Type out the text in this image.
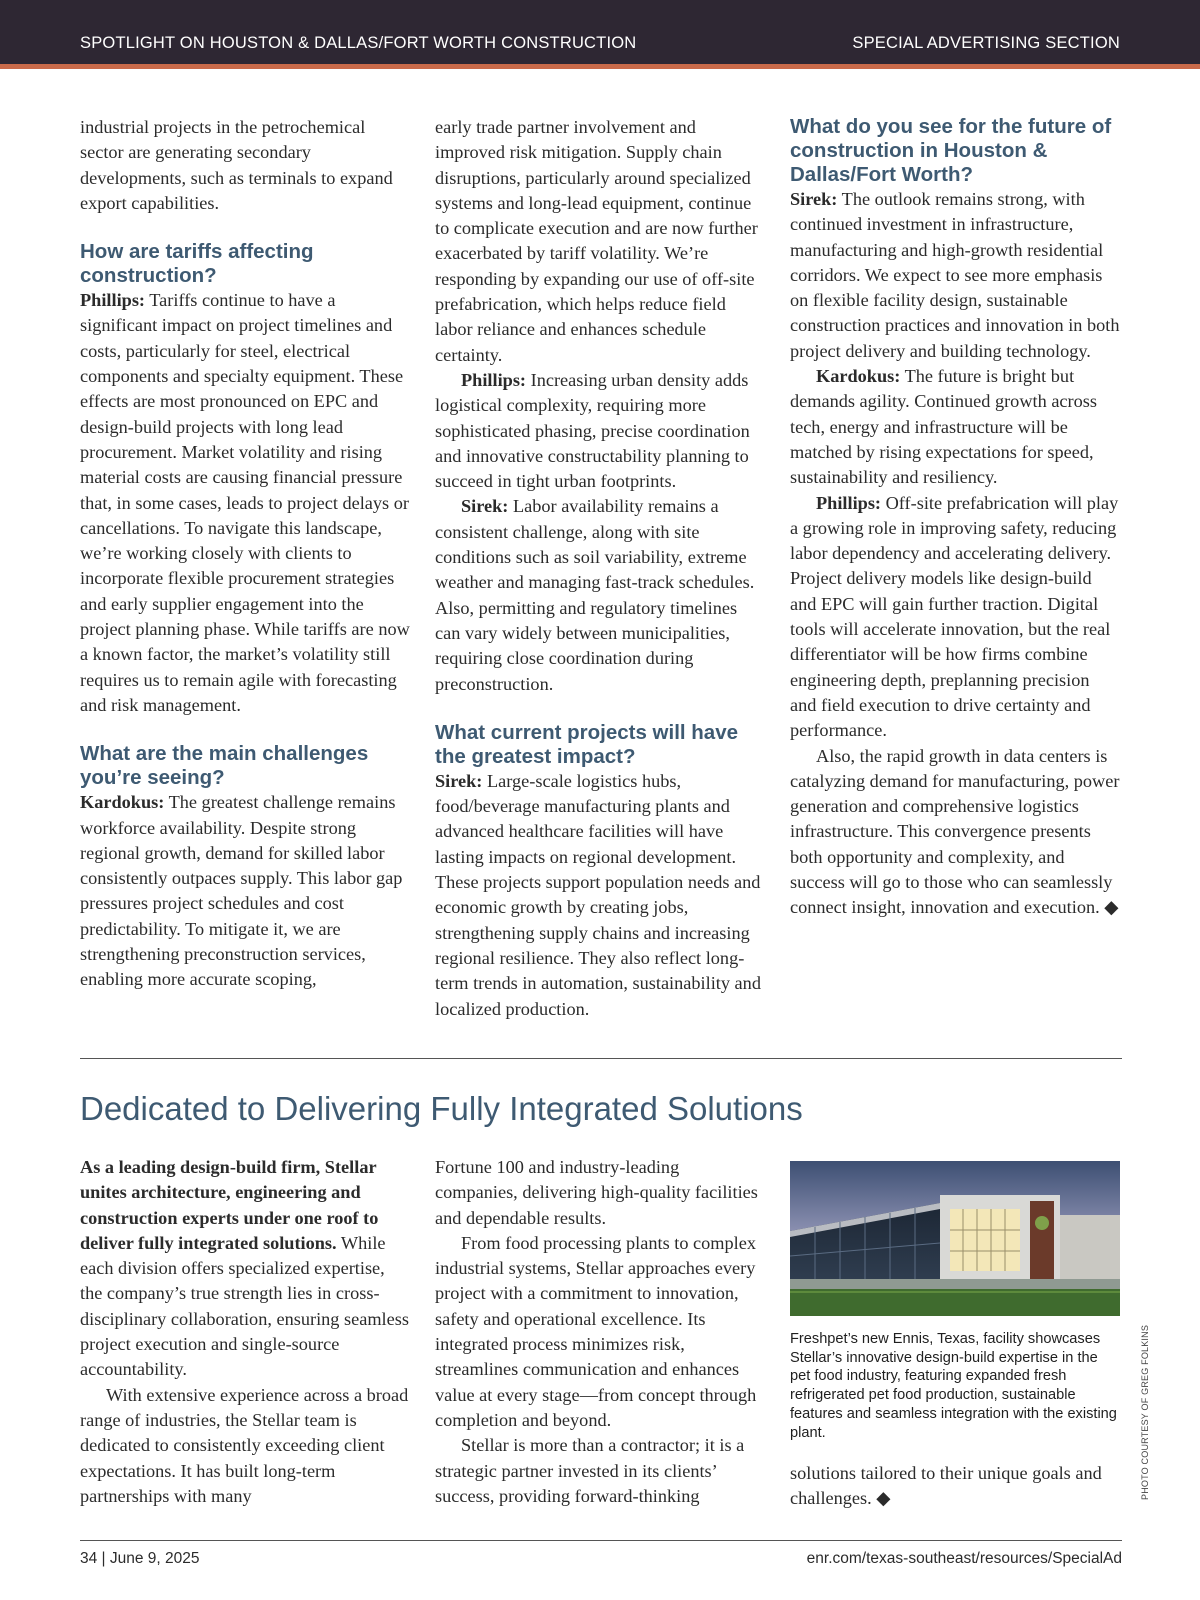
SPOTLIGHT ON HOUSTON & DALLAS/FORT WORTH CONSTRUCTION	SPECIAL ADVERTISING SECTION

industrial projects in the petrochemical sector are generating secondary developments, such as terminals to expand export capabilities.

How are tariffs affecting construction?

Phillips: Tariffs continue to have a significant impact on project timelines and costs, particularly for steel, electrical components and specialty equipment. These effects are most pronounced on EPC and design-build projects with long lead procurement. Market volatility and rising material costs are causing financial pressure that, in some cases, leads to project delays or cancellations. To navigate this landscape, we’re working closely with clients to incorporate flexible procurement strategies and early supplier engagement into the project planning phase. While tariffs are now a known factor, the market’s volatility still requires us to remain agile with forecasting and risk management.

What are the main challenges you’re seeing?

Kardokus: The greatest challenge remains workforce availability. Despite strong regional growth, demand for skilled labor consistently outpaces supply. This labor gap pressures project schedules and cost predictability. To mitigate it, we are strengthening preconstruction services, enabling more accurate scoping,

early trade partner involvement and improved risk mitigation. Supply chain disruptions, particularly around specialized systems and long-lead equipment, continue to complicate execution and are now further exacerbated by tariff volatility. We’re responding by expanding our use of off-site prefabrication, which helps reduce field labor reliance and enhances schedule certainty.

Phillips: Increasing urban density adds logistical complexity, requiring more sophisticated phasing, precise coordination and innovative constructability planning to succeed in tight urban footprints.

Sirek: Labor availability remains a consistent challenge, along with site conditions such as soil variability, extreme weather and managing fast-track schedules. Also, permitting and regulatory timelines can vary widely between municipalities, requiring close coordination during preconstruction.

What current projects will have the greatest impact?

Sirek: Large-scale logistics hubs, food/beverage manufacturing plants and advanced healthcare facilities will have lasting impacts on regional development. These projects support population needs and economic growth by creating jobs, strengthening supply chains and increasing regional resilience. They also reflect long-term trends in automation, sustainability and localized production.

What do you see for the future of construction in Houston & Dallas/Fort Worth?

Sirek: The outlook remains strong, with continued investment in infrastructure, manufacturing and high-growth residential corridors. We expect to see more emphasis on flexible facility design, sustainable construction practices and innovation in both project delivery and building technology.

Kardokus: The future is bright but demands agility. Continued growth across tech, energy and infrastructure will be matched by rising expectations for speed, sustainability and resiliency.

Phillips: Off-site prefabrication will play a growing role in improving safety, reducing labor dependency and accelerating delivery. Project delivery models like design-build and EPC will gain further traction. Digital tools will accelerate innovation, but the real differentiator will be how firms combine engineering depth, preplanning precision and field execution to drive certainty and performance.

Also, the rapid growth in data centers is catalyzing demand for manufacturing, power generation and comprehensive logistics infrastructure. This convergence presents both opportunity and complexity, and success will go to those who can seamlessly connect insight, innovation and execution. ◆

Dedicated to Delivering Fully Integrated Solutions

As a leading design-build firm, Stellar unites architecture, engineering and construction experts under one roof to deliver fully integrated solutions. While each division offers specialized expertise, the company’s true strength lies in cross-disciplinary collaboration, ensuring seamless project execution and single-source accountability.

With extensive experience across a broad range of industries, the Stellar team is dedicated to consistently exceeding client expectations. It has built long-term partnerships with many

Fortune 100 and industry-leading companies, delivering high-quality facilities and dependable results.

From food processing plants to complex industrial systems, Stellar approaches every project with a commitment to innovation, safety and operational excellence. Its integrated process minimizes risk, streamlines communication and enhances value at every stage—from concept through completion and beyond.

Stellar is more than a contractor; it is a strategic partner invested in its clients’ success, providing forward-thinking

Freshpet’s new Ennis, Texas, facility showcases Stellar’s innovative design-build expertise in the pet food industry, featuring expanded fresh refrigerated pet food production, sustainable features and seamless integration with the existing plant.	PHOTO COURTESY OF GREG FOLKINS

solutions tailored to their unique goals and challenges. ◆

34 | June 9, 2025	enr.com/texas-southeast/resources/SpecialAd
